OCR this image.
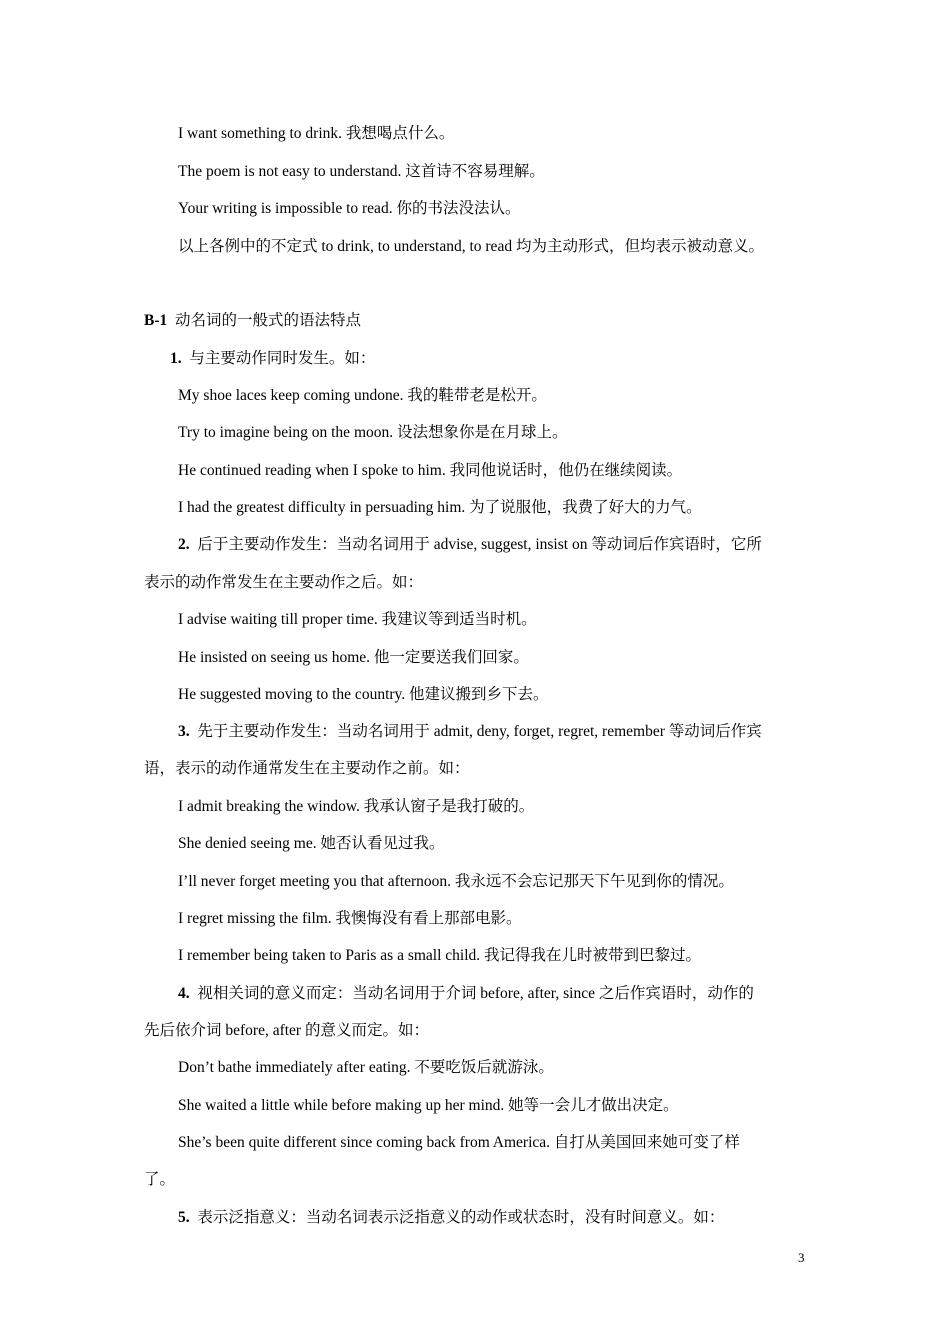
I want something to drink. 我想喝点什么。
The poem is not easy to understand. 这首诗不容易理解。
Your writing is impossible to read. 你的书法没法认。
以上各例中的不定式 to drink, to understand, to read 均为主动形式，但均表示被动意义。
B-1 动名词的一般式的语法特点
1. 与主要动作同时发生。如：
My shoe laces keep coming undone. 我的鞋带老是松开。
Try to imagine being on the moon. 设法想象你是在月球上。
He continued reading when I spoke to him. 我同他说话时，他仍在继续阅读。
I had the greatest difficulty in persuading him. 为了说服他，我费了好大的力气。
2. 后于主要动作发生：当动名词用于 advise, suggest, insist on 等动词后作宾语时，它所
表示的动作常发生在主要动作之后。如：
I advise waiting till proper time. 我建议等到适当时机。
He insisted on seeing us home. 他一定要送我们回家。
He suggested moving to the country. 他建议搬到乡下去。
3. 先于主要动作发生：当动名词用于 admit, deny, forget, regret, remember 等动词后作宾
语，表示的动作通常发生在主要动作之前。如：
I admit breaking the window. 我承认窗子是我打破的。
She denied seeing me. 她否认看见过我。
I’ll never forget meeting you that afternoon. 我永远不会忘记那天下午见到你的情况。
I regret missing the film. 我懊悔没有看上那部电影。
I remember being taken to Paris as a small child. 我记得我在儿时被带到巴黎过。
4. 视相关词的意义而定：当动名词用于介词 before, after, since 之后作宾语时，动作的
先后依介词 before, after 的意义而定。如：
Don’t bathe immediately after eating. 不要吃饭后就游泳。
She waited a little while before making up her mind. 她等一会儿才做出决定。
She’s been quite different since coming back from America. 自打从美国回来她可变了样
了。
5. 表示泛指意义：当动名词表示泛指意义的动作或状态时，没有时间意义。如：
3
